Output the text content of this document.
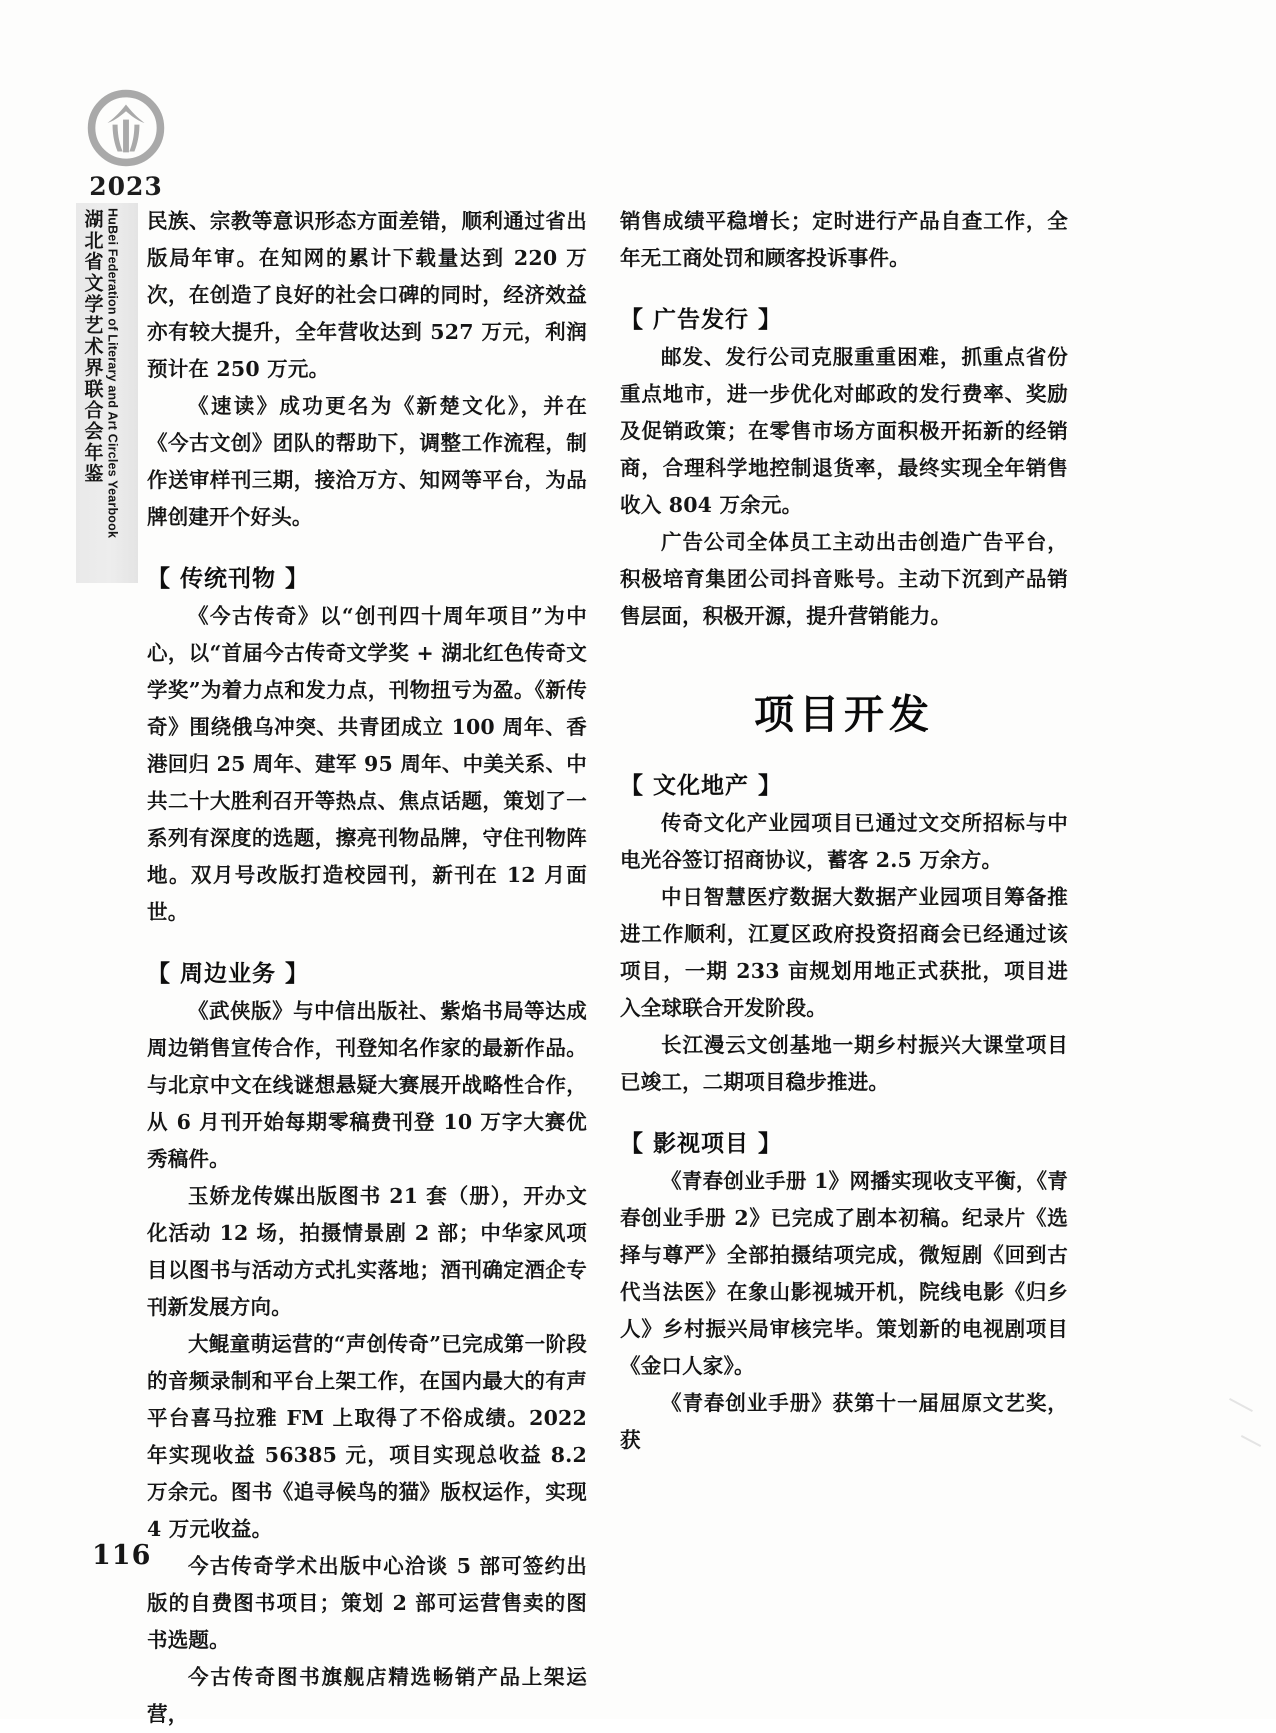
2023
湖北省文学艺术界联合会年鉴 HuBei Federation of Literary and Art Circles Yearbook 民族、宗教等意识形态方面差错，顺利通过省出版局年审。在知网的累计下载量达到 220 万次，在创造了良好的社会口碑的同时，经济效益亦有较大提升，全年营收达到 527 万元，利润预计在 250 万元。

《速读》成功更名为《新楚文化》，并在《今古文创》团队的帮助下，调整工作流程，制作送审样刊三期，接洽万方、知网等平台，为品牌创建开个好头。

【 传统刊物 】

《今古传奇》以“创刊四十周年项目”为中心，以“首届今古传奇文学奖 + 湖北红色传奇文学奖”为着力点和发力点，刊物扭亏为盈。《新传奇》围绕俄乌冲突、共青团成立 100 周年、香港回归 25 周年、建军 95 周年、中美关系、中共二十大胜利召开等热点、焦点话题，策划了一系列有深度的选题，擦亮刊物品牌，守住刊物阵地。双月号改版打造校园刊，新刊在 12 月面世。

【 周边业务 】

《武侠版》与中信出版社、紫焰书局等达成周边销售宣传合作，刊登知名作家的最新作品。与北京中文在线谜想悬疑大赛展开战略性合作，从 6 月刊开始每期零稿费刊登 10 万字大赛优秀稿件。

玉娇龙传媒出版图书 21 套（册），开办文化活动 12 场，拍摄情景剧 2 部；中华家风项目以图书与活动方式扎实落地；酒刊确定酒企专刊新发展方向。

大鲲童萌运营的“声创传奇”已完成第一阶段的音频录制和平台上架工作，在国内最大的有声平台喜马拉雅 FM 上取得了不俗成绩。2022 年实现收益 56385 元，项目实现总收益 8.2 万余元。图书《追寻候鸟的猫》版权运作，实现 4 万元收益。

今古传奇学术出版中心洽谈 5 部可签约出版的自费图书项目；策划 2 部可运营售卖的图书选题。

今古传奇图书旗舰店精选畅销产品上架运营，

销售成绩平稳增长；定时进行产品自查工作，全年无工商处罚和顾客投诉事件。

【 广告发行 】

邮发、发行公司克服重重困难，抓重点省份重点地市，进一步优化对邮政的发行费率、奖励及促销政策；在零售市场方面积极开拓新的经销商，合理科学地控制退货率，最终实现全年销售收入 804 万余元。

广告公司全体员工主动出击创造广告平台，积极培育集团公司抖音账号。主动下沉到产品销售层面，积极开源，提升营销能力。

项目开发
【 文化地产 】

传奇文化产业园项目已通过文交所招标与中电光谷签订招商协议，蓄客 2.5 万余方。

中日智慧医疗数据大数据产业园项目筹备推进工作顺利，江夏区政府投资招商会已经通过该项目，一期 233 亩规划用地正式获批，项目进入全球联合开发阶段。

长江漫云文创基地一期乡村振兴大课堂项目已竣工，二期项目稳步推进。

【 影视项目 】

《青春创业手册 1》网播实现收支平衡，《青春创业手册 2》已完成了剧本初稿。纪录片《选择与尊严》全部拍摄结项完成，微短剧《回到古代当法医》在象山影视城开机，院线电影《归乡人》乡村振兴局审核完毕。策划新的电视剧项目《金口人家》。

《青春创业手册》获第十一届屈原文艺奖，获

116
